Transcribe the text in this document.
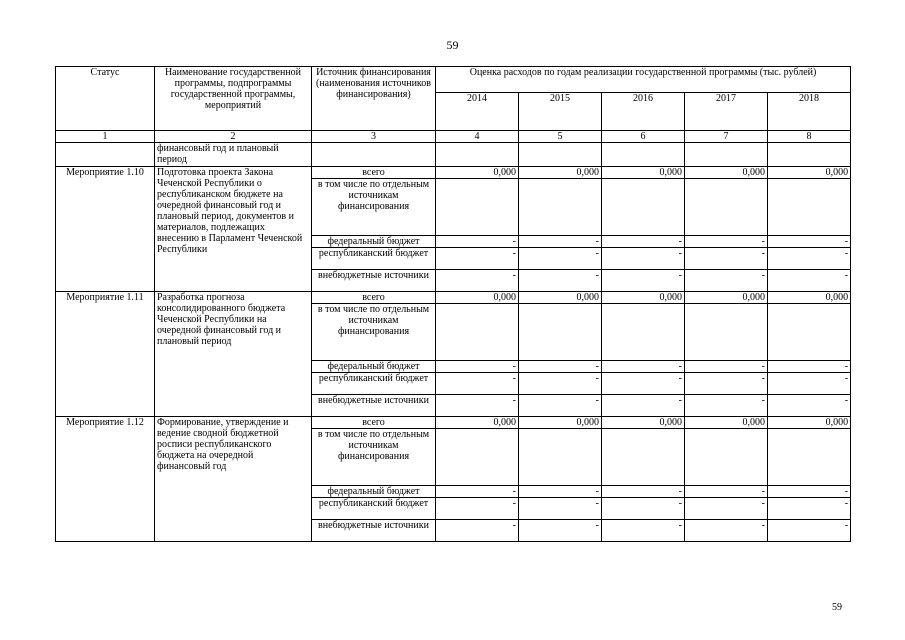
59
Статус	Наименование государственной программы, подпрограммы государственной программы, мероприятий	Источник финансирования (наименования источников финансирования)	Оценка расходов по годам реализации государственной программы (тыс. рублей)				
			2014	2015	2016	2017	2018
1	2	3	4	5	6	7	8
	финансовый год и плановый период						
Мероприятие 1.10	Подготовка проекта Закона Чеченской Республики о республиканском бюджете на очередной финансовый год и плановый период, документов и материалов, подлежащих внесению в Парламент Чеченской Республики	всего	0,000	0,000	0,000	0,000	0,000
		в том числе по отдельным источникам финансирования					
		федеральный бюджет	-	-	-	-	-
		республиканский бюджет	-	-	-	-	-
		внебюджетные источники	-	-	-	-	-
Мероприятие 1.11	Разработка прогноза консолидированного бюджета Чеченской Республики на очередной финансовый год и плановый период	всего	0,000	0,000	0,000	0,000	0,000
		в том числе по отдельным источникам финансирования					
		федеральный бюджет	-	-	-	-	-
		республиканский бюджет	-	-	-	-	-
		внебюджетные источники	-	-	-	-	-
Мероприятие 1.12	Формирование, утверждение и ведение сводной бюджетной росписи республиканского бюджета на очередной финансовый год	всего	0,000	0,000	0,000	0,000	0,000
		в том числе по отдельным источникам финансирования					
		федеральный бюджет	-	-	-	-	-
		республиканский бюджет	-	-	-	-	-
		внебюджетные источники	-	-	-	-	-
59
